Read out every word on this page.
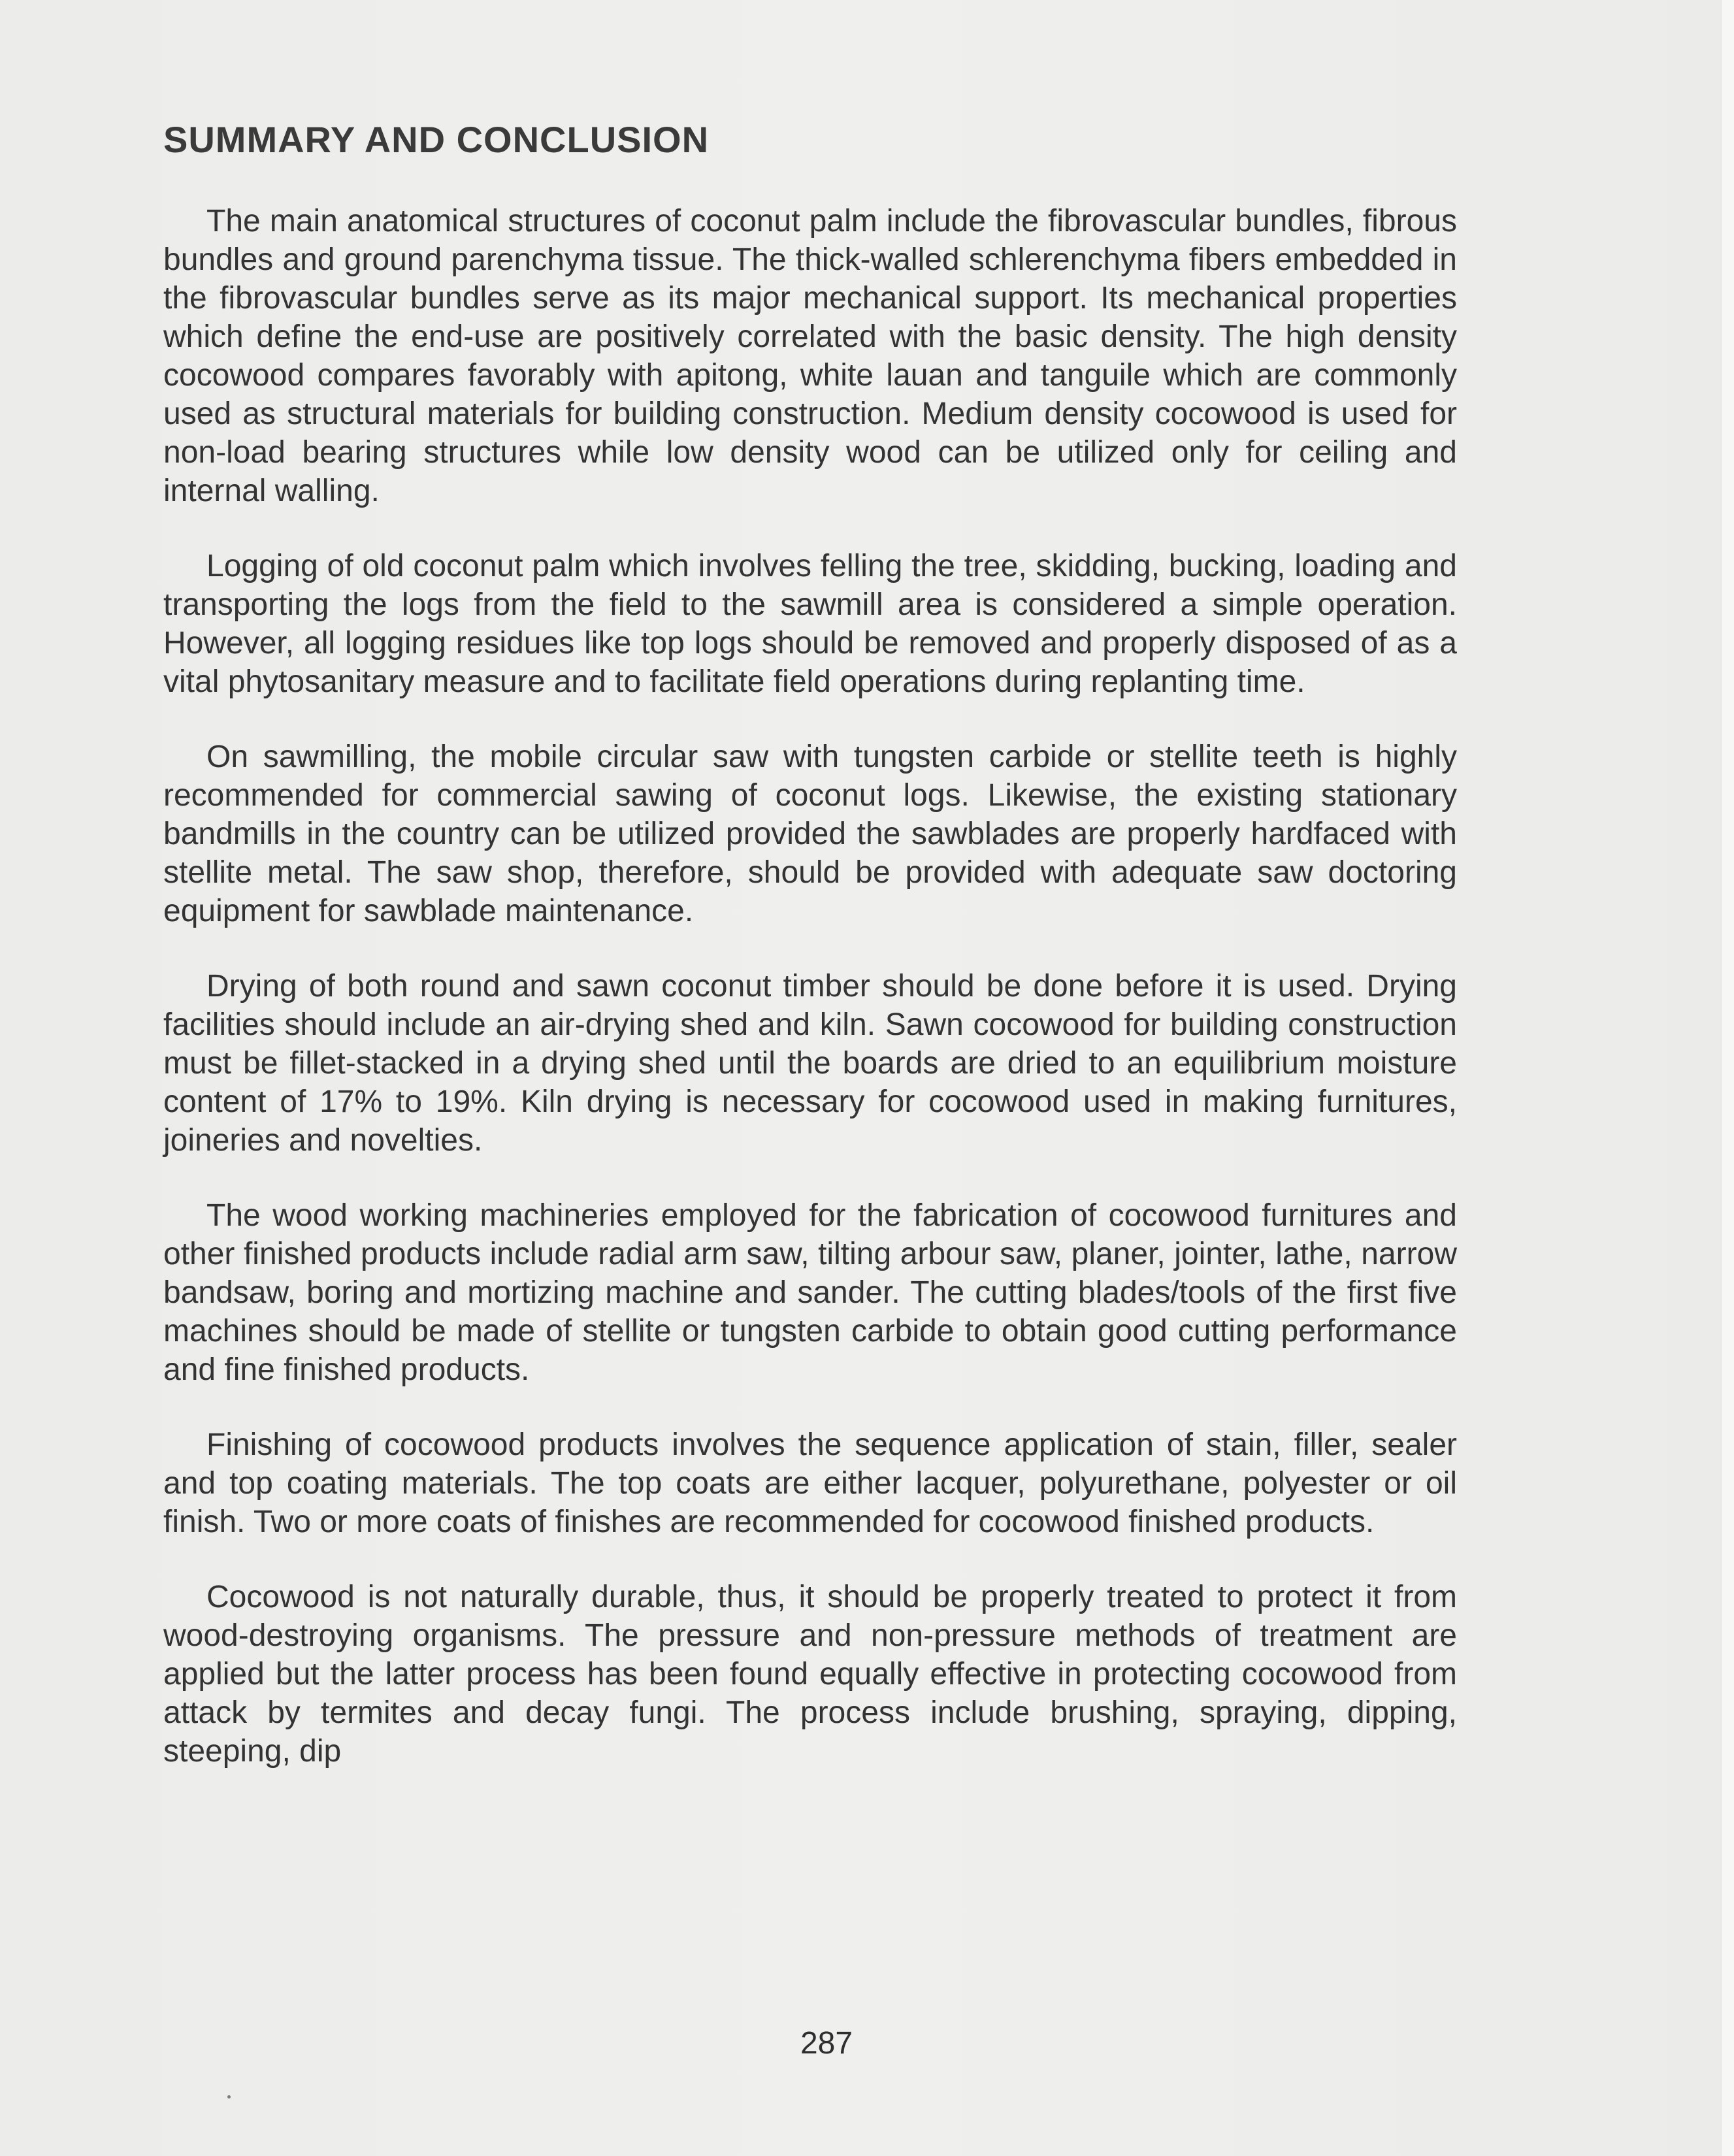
SUMMARY AND CONCLUSION

The main anatomical structures of coconut palm include the fibrovascular bundles, fibrous bundles and ground parenchyma tissue. The thick-walled schlerenchyma fibers embedded in the fibrovascular bundles serve as its major mechanical support. Its mechanical properties which define the end-use are positively correlated with the basic density. The high density cocowood compares favorably with apitong, white lauan and tanguile which are commonly used as structural materials for building construction. Medium density cocowood is used for non-load bearing structures while low density wood can be utilized only for ceiling and internal walling.

Logging of old coconut palm which involves felling the tree, skidding, bucking, loading and transporting the logs from the field to the sawmill area is considered a simple operation. However, all logging residues like top logs should be removed and properly disposed of as a vital phytosanitary measure and to facilitate field operations during replanting time.

On sawmilling, the mobile circular saw with tungsten carbide or stellite teeth is highly recommended for commercial sawing of coconut logs. Likewise, the existing stationary bandmills in the country can be utilized provided the sawblades are properly hardfaced with stellite metal. The saw shop, therefore, should be provided with adequate saw doctoring equipment for sawblade maintenance.

Drying of both round and sawn coconut timber should be done before it is used. Drying facilities should include an air-drying shed and kiln. Sawn cocowood for building construction must be fillet-stacked in a drying shed until the boards are dried to an equilibrium moisture content of 17% to 19%. Kiln drying is necessary for cocowood used in making furnitures, joineries and novelties.

The wood working machineries employed for the fabrication of cocowood furnitures and other finished products include radial arm saw, tilting arbour saw, planer, jointer, lathe, narrow bandsaw, boring and mortizing machine and sander. The cutting blades/tools of the first five machines should be made of stellite or tungsten carbide to obtain good cutting performance and fine finished products.

Finishing of cocowood products involves the sequence application of stain, filler, sealer and top coating materials. The top coats are either lacquer, polyurethane, polyester or oil finish. Two or more coats of finishes are recommended for cocowood finished products.

Cocowood is not naturally durable, thus, it should be properly treated to protect it from wood-destroying organisms. The pressure and non-pressure methods of treatment are applied but the latter process has been found equally effective in protecting cocowood from attack by termites and decay fungi. The process include brushing, spraying, dipping, steeping, dip

287
